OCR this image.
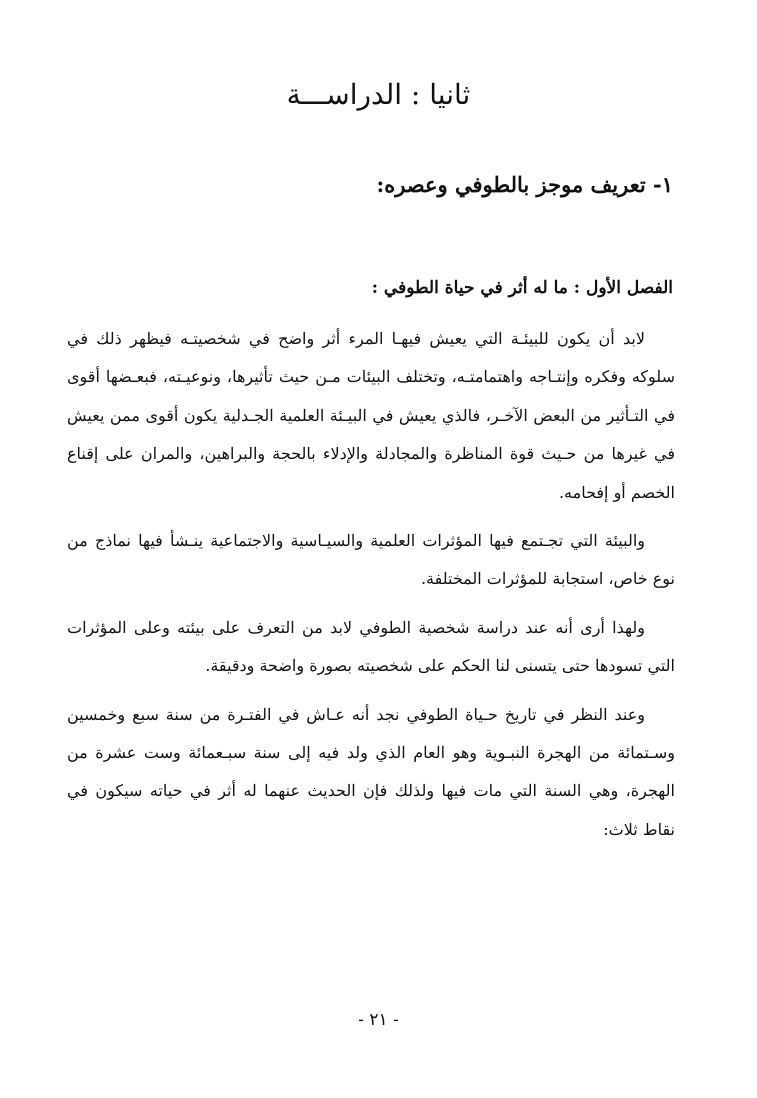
ثانيا : الدراســـة
١- تعريف موجز بالطوفي وعصره:
الفصل الأول : ما له أثر في حياة الطوفي :

لابد أن يكون للبيئـة التي يعيش فيهـا المرء أثر واضح في شخصيتـه فيظهر ذلك في سلوكه وفكره وإنتـاجه واهتمامتـه، وتختلف البيئات مـن حيث تأثيرها، ونوعيـته، فبعـضها أقوى في التـأثير من البعض الآخـر، فالذي يعيش في البيـئة العلمية الجـدلية يكون أقوى ممن يعيش في غيرها من حـيث قوة المناظرة والمجادلة والإدلاء بالحجة والبراهين، والمران على إقناع الخصم أو إفحامه.

والبيئة التي تجـتمع فيها المؤثرات العلمية والسيـاسية والاجتماعية ينـشأ فيها نماذج من نوع خاص، استجابة للمؤثرات المختلفة.

ولهذا أرى أنه عند دراسة شخصية الطوفي لابد من التعرف على بيئته وعلى المؤثرات التي تسودها حتى يتسنى لنا الحكم على شخصيته بصورة واضحة ودقيقة.

وعند النظر في تاريخ حـياة الطوفي نجد أنه عـاش في الفتـرة من سنة سبع وخمسين وسـتمائة من الهجرة النبـوية وهو العام الذي ولد فيه إلى سنة سبـعمائة وست عشرة من الهجرة، وهي السنة التي مات فيها ولذلك فإن الحديث عنهما له أثر في حياته سيكون في نقاط ثلاث:

- ٢١ -
